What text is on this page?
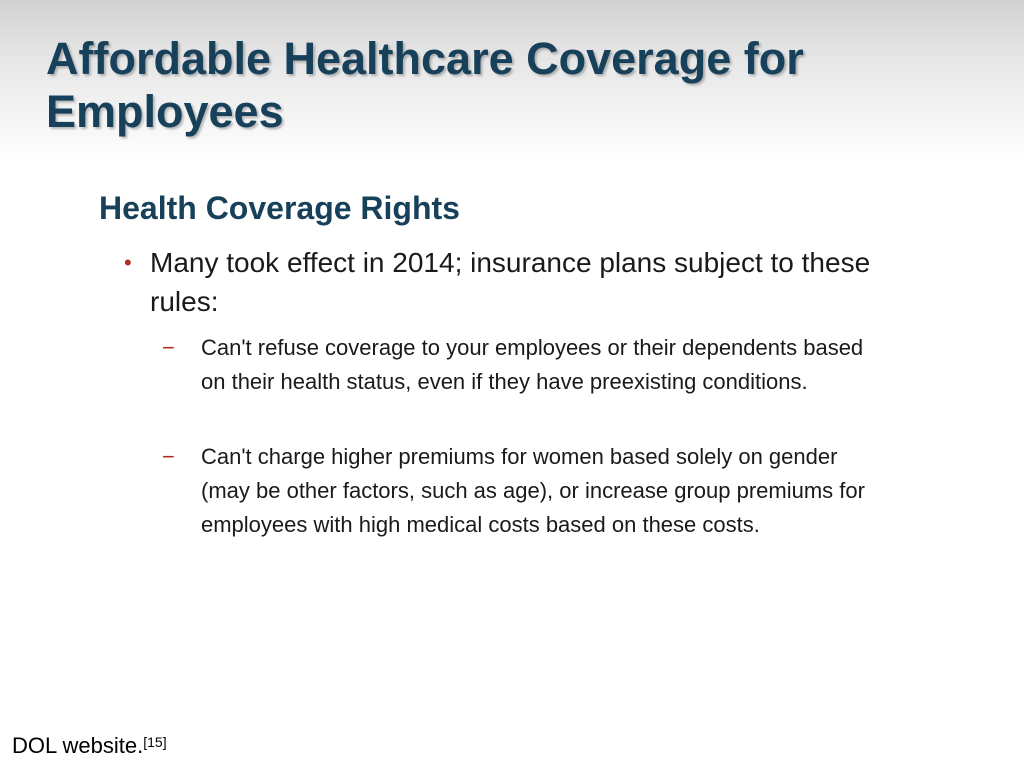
Affordable Healthcare Coverage for Employees
Health Coverage Rights
• Many took effect in 2014; insurance plans subject to these rules:
−	Can't refuse coverage to your employees or their dependents based on their health status, even if they have preexisting conditions.
−	Can't charge higher premiums for women based solely on gender (may be other factors, such as age), or increase group premiums for employees with high medical costs based on these costs.
DOL website.[15]
